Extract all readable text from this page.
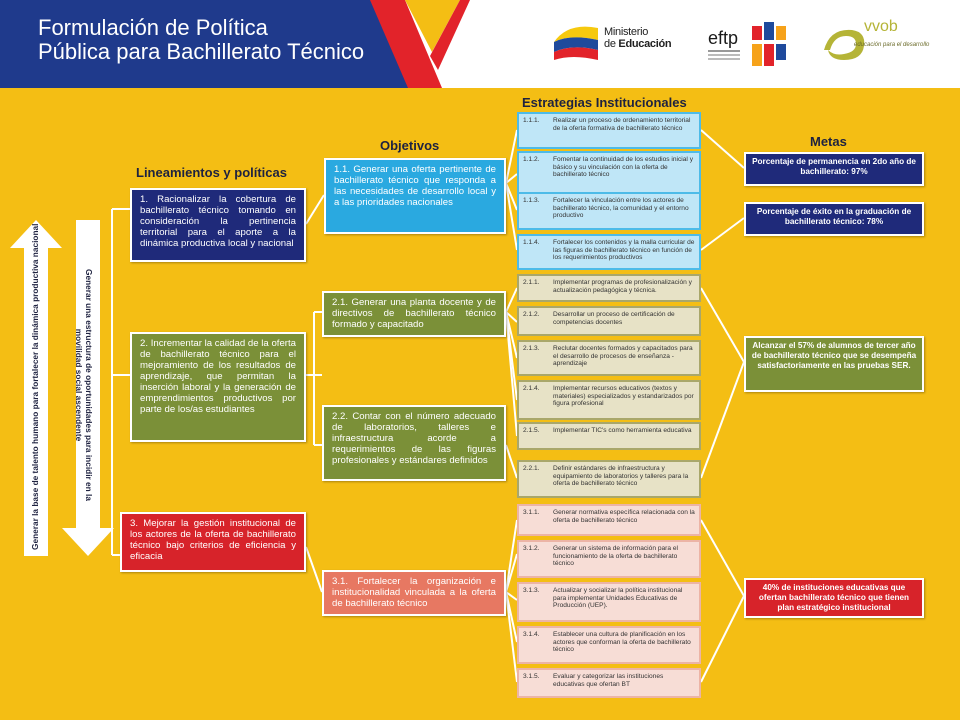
Formulación de Política
Pública para Bachillerato Técnico
Ministerio
de Educación eftp
vvob
educación para el desarrollo
Generar la base de talento humano para fortalecer la dinámica productiva nacional	Generar una estructura de oportunidades para incidir en la
movilidad social ascendente
Lineamientos y políticas
Objetivos
Estrategias Institucionales
Metas
1. Racionalizar la cobertura de bachillerato técnico tomando en consideración la pertinencia territorial para el aporte a la dinámica productiva local y nacional
2. Incrementar la calidad de la oferta de bachillerato técnico para el mejoramiento de los resultados de aprendizaje, que permitan la inserción laboral y la generación de emprendimientos productivos por parte de los/as estudiantes
3. Mejorar la gestión institucional de los actores de la oferta de bachillerato técnico bajo criterios de eficiencia y eficacia
1.1. Generar una oferta pertinente de bachillerato técnico que responda a las necesidades de desarrollo local y a las prioridades nacionales
2.1. Generar una planta docente y de directivos de bachillerato técnico formado y capacitado
2.2. Contar con el número adecuado de laboratorios, talleres e infraestructura acorde a requerimientos de las figuras profesionales y estándares definidos
3.1. Fortalecer la organización e institucionalidad vinculada a la oferta de bachillerato técnico
1.1.1. Realizar un proceso de ordenamiento territorial de la oferta formativa de bachillerato técnico
1.1.2. Fomentar la continuidad de los estudios inicial y básico y su vinculación con la oferta de bachillerato técnico
1.1.3. Fortalecer la vinculación entre los actores de bachillerato técnico, la comunidad y el entorno productivo
1.1.4. Fortalecer los contenidos y la malla curricular de las figuras de bachillerato técnico en función de los requerimientos productivos
2.1.1. Implementar programas de profesionalización y actualización pedagógica y técnica.
2.1.2. Desarrollar un proceso de certificación de competencias docentes
2.1.3. Reclutar docentes formados y capacitados para el desarrollo de procesos de enseñanza - aprendizaje
2.1.4. Implementar recursos educativos (textos y materiales) especializados y estandarizados por figura profesional
2.1.5. Implementar TIC's como herramienta educativa
2.2.1. Definir estándares de infraestructura y equipamiento de laboratorios y talleres para la oferta de bachillerato técnico
3.1.1. Generar normativa específica relacionada con la oferta de bachillerato técnico
3.1.2. Generar un sistema de información para el funcionamiento de la oferta de bachillerato técnico
3.1.3. Actualizar y socializar la política institucional para implementar Unidades Educativas de Producción (UEP).
3.1.4. Establecer una cultura de planificación en los actores que conforman la oferta de bachillerato técnico
3.1.5. Evaluar y categorizar las instituciones educativas que ofertan BT
Porcentaje de permanencia en 2do año de bachillerato: 97%
Porcentaje de éxito en la graduación de bachillerato técnico: 78%
Alcanzar el 57% de alumnos de tercer año de bachillerato técnico que se desempeña satisfactoriamente en las pruebas SER.
40% de instituciones educativas que ofertan bachillerato técnico que tienen plan estratégico institucional
